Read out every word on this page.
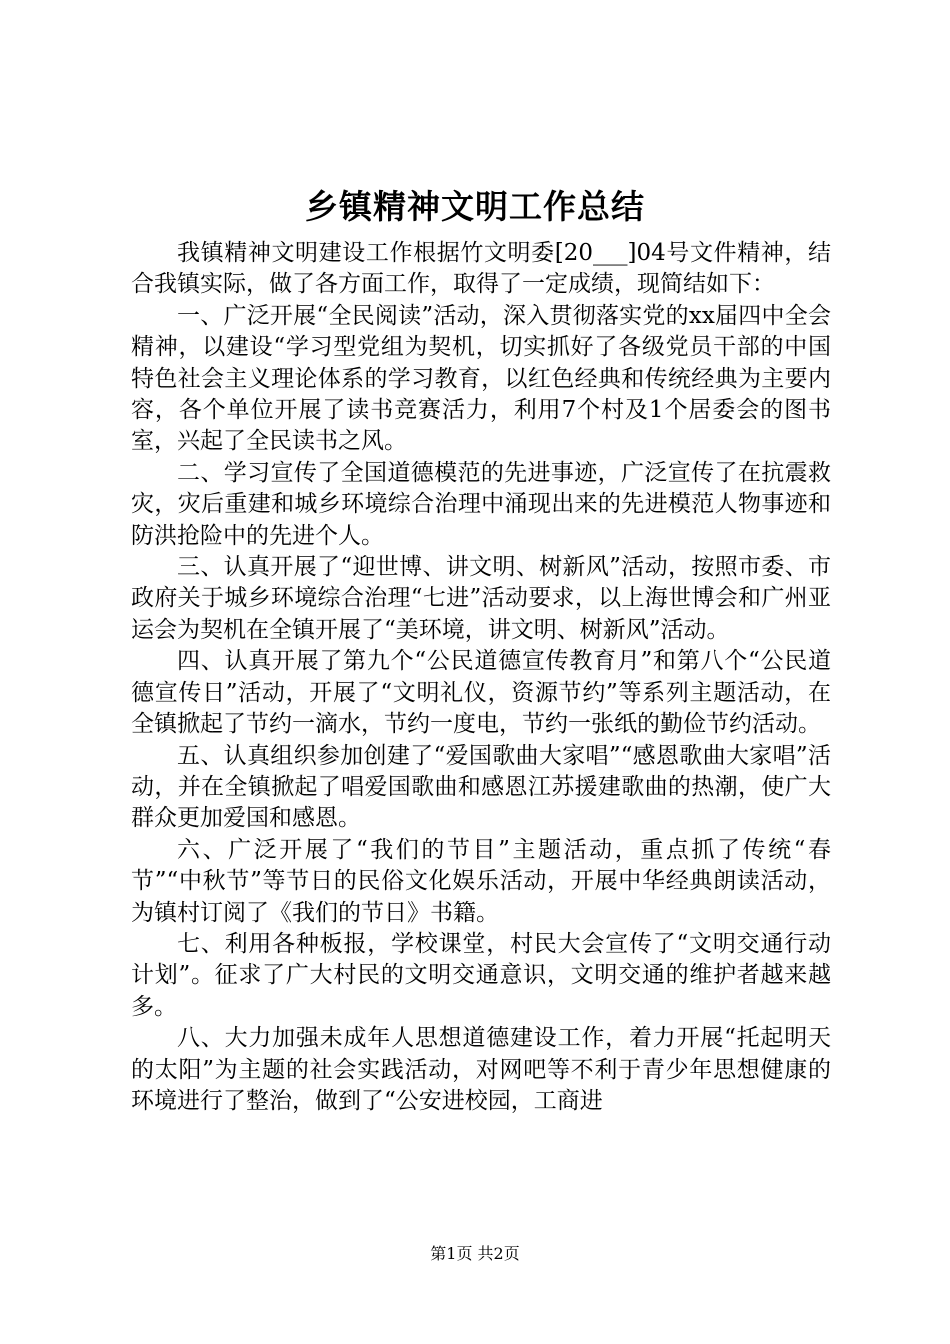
乡镇精神文明工作总结

我镇精神文明建设工作根据竹文明委[20___]04号文件精神，结合我镇实际，做了各方面工作，取得了一定成绩，现简结如下：

一、广泛开展“全民阅读”活动，深入贯彻落实党的xx届四中全会精神，以建设“学习型党组为契机，切实抓好了各级党员干部的中国特色社会主义理论体系的学习教育，以红色经典和传统经典为主要内容，各个单位开展了读书竞赛活力，利用7个村及1个居委会的图书室，兴起了全民读书之风。

二、学习宣传了全国道德模范的先进事迹，广泛宣传了在抗震救灾，灾后重建和城乡环境综合治理中涌现出来的先进模范人物事迹和防洪抢险中的先进个人。

三、认真开展了“迎世博、讲文明、树新风”活动，按照市委、市政府关于城乡环境综合治理“七进”活动要求，以上海世博会和广州亚运会为契机在全镇开展了“美环境，讲文明、树新风”活动。

四、认真开展了第九个“公民道德宣传教育月”和第八个“公民道德宣传日”活动，开展了“文明礼仪，资源节约”等系列主题活动，在全镇掀起了节约一滴水，节约一度电，节约一张纸的勤俭节约活动。

五、认真组织参加创建了“爱国歌曲大家唱”“感恩歌曲大家唱”活动，并在全镇掀起了唱爱国歌曲和感恩江苏援建歌曲的热潮，使广大群众更加爱国和感恩。

六、广泛开展了“我们的节目”主题活动，重点抓了传统“春节”“中秋节”等节日的民俗文化娱乐活动，开展中华经典朗读活动，为镇村订阅了《我们的节日》书籍。

七、利用各种板报，学校课堂，村民大会宣传了“文明交通行动计划”。征求了广大村民的文明交通意识，文明交通的维护者越来越多。

八、大力加强未成年人思想道德建设工作，着力开展“托起明天的太阳”为主题的社会实践活动，对网吧等不利于青少年思想健康的环境进行了整治，做到了“公安进校园，工商进

第1页 共2页
